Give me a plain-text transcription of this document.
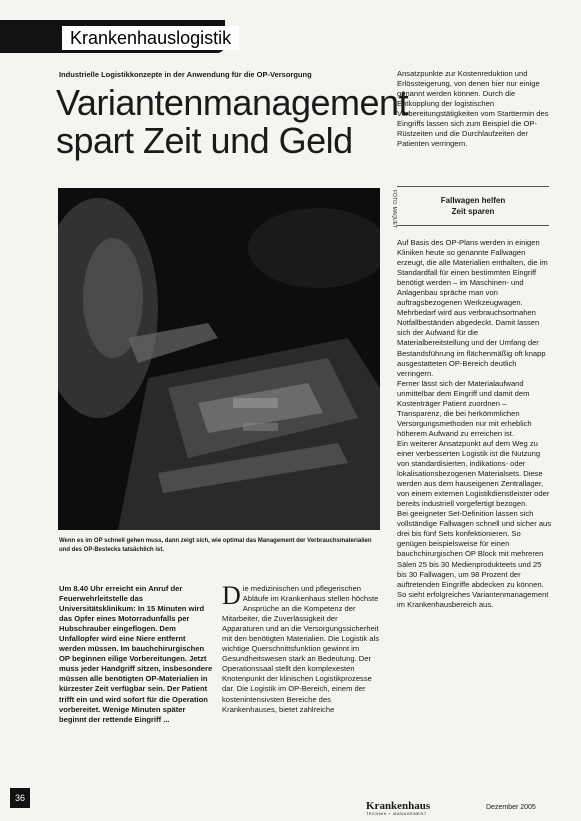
Krankenhauslogistik
Industrielle Logistikkonzepte in der Anwendung für die OP-Versorgung
Variantenmanagement
spart Zeit und Geld
FOTO: MAQUET
Wenn es im OP schnell gehen muss, dann zeigt sich, wie optimal das Management der Verbrauchsmaterialien und des OP-Bestecks tatsächlich ist.

Um 8.40 Uhr erreicht ein Anruf der Feuerwehrleitstelle das Universitätsklinikum: In 15 Minuten wird das Opfer eines Motorradunfalls per Hubschrauber eingeflogen. Dem Unfallopfer wird eine Niere entfernt werden müssen. Im bauchchirurgischen OP beginnen eilige Vorbereitungen. Jetzt muss jeder Handgriff sitzen, insbesondere müssen alle benötigten OP-Materialien in kürzester Zeit verfügbar sein. Der Patient trifft ein und wird sofort für die Operation vorbereitet. Wenige Minuten später beginnt der rettende Eingriff ...

Die medizinischen und pflegerischen Abläufe im Krankenhaus stellen höchste Ansprüche an die Kompetenz der Mitarbeiter, die Zuverlässigkeit der Apparaturen und an die Versorgungssicherheit mit den benötigten Materialien. Die Logistik als wichtige Querschnittsfunktion gewinnt im Gesundheitswesen stark an Bedeutung. Der Operationssaal stellt den komplexesten Knotenpunkt der klinischen Logistikprozesse dar. Die Logistik im OP-Bereich, einem der kostenintensivsten Bereiche des Krankenhauses, bietet zahlreiche

Ansatzpunkte zur Kostenreduktion und Erlössteigerung, von denen hier nur einige genannt werden können. Durch die Entkopplung der logistischen Vorbereitungstätigkeiten vom Starttermin des Eingriffs lassen sich zum Beispiel die OP-Rüstzeiten und die Durchlaufzeiten der Patienten verringern.

Fallwagen helfen
Zeit sparen

Auf Basis des OP-Plans werden in einigen Kliniken heute so genannte Fallwagen erzeugt, die alle Materialien enthalten, die im Standardfall für einen bestimmten Eingriff benötigt werden – im Maschinen- und Anlagenbau spräche man von auftragsbezogenen Werkzeugwagen. Mehrbedarf wird aus verbrauchsortnahen Notfallbeständen abgedeckt. Damit lassen sich der Aufwand für die Materialbereitstellung und der Umfang der Bestandsführung im flächenmäßig oft knapp ausgestatteten OP-Bereich deutlich verringern.

Ferner lässt sich der Materialaufwand unmittelbar dem Eingriff und damit dem Kostenträger Patient zuordnen – Transparenz, die bei herkömmlichen Versorgungsmethoden nur mit erheblich höherem Aufwand zu erreichen ist.

Ein weiterer Ansatzpunkt auf dem Weg zu einer verbesserten Logistik ist die Nutzung von standardisierten, indikations- oder lokalisationsbezogenen Materialsets. Diese werden aus dem hauseigenen Zentrallager, von einem externen Logistikdienstleister oder bereits industriell vorgefertigt bezogen.

Bei geeigneter Set-Definition lassen sich vollständige Fallwagen schnell und sicher aus drei bis fünf Sets konfektionieren. So genügen beispielsweise für einen bauchchirurgischen OP Block mit mehreren Sälen 25 bis 30 Medienprodukteets und 25 bis 30 Fallwagen, um 98 Prozent der auftretenden Eingriffe abdecken zu können. So sieht erfolgreiches Variantenmanagement im Krankenhausbereich aus.

36
Krankenhaus
TECHNIK + MANAGEMENT
Dezember 2005
